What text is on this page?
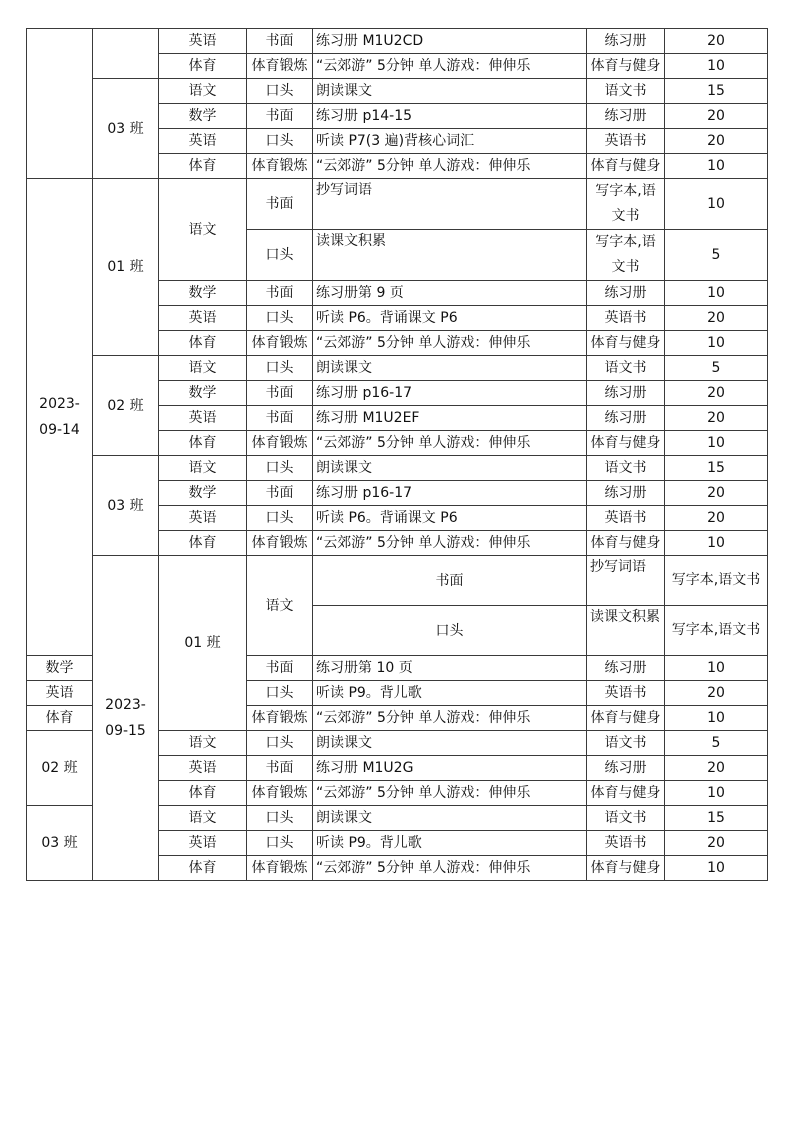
		英语	书面	练习册 M1U2CD	练习册	20	
		体育	体育锻炼	“云郊游” 5分钟 单人游戏：伸伸乐	体育与健身	10	
	03 班	语文	口头	朗读课文	语文书	15	
		数学	书面	练习册 p14-15	练习册	20	
		英语	口头	听读 P7(3 遍)背核心词汇	英语书	20	
		体育	体育锻炼	“云郊游” 5分钟 单人游戏：伸伸乐	体育与健身	10	
2023-09-14	01 班	语文	书面	抄写词语	写字本,语文书	10	
			口头	读课文积累	写字本,语文书	5	
		数学	书面	练习册第 9 页	练习册	10	
		英语	口头	听读 P6。背诵课文 P6	英语书	20	
		体育	体育锻炼	“云郊游” 5分钟 单人游戏：伸伸乐	体育与健身	10	
	02 班	语文	口头	朗读课文	语文书	5	
		数学	书面	练习册 p16-17	练习册	20	
		英语	书面	练习册 M1U2EF	练习册	20	
		体育	体育锻炼	“云郊游” 5分钟 单人游戏：伸伸乐	体育与健身	10	
	03 班	语文	口头	朗读课文	语文书	15	
		数学	书面	练习册 p16-17	练习册	20	
		英语	口头	听读 P6。背诵课文 P6	英语书	20	
		体育	体育锻炼	“云郊游” 5分钟 单人游戏：伸伸乐	体育与健身	10	
	2023-09-15	01 班	语文	书面	抄写词语	写字本,语文书	
				口头	读课文积累	写字本,语文书	
数学			书面	练习册第 10 页	练习册	10	
英语			口头	听读 P9。背儿歌	英语书	20	
体育			体育锻炼	“云郊游” 5分钟 单人游戏：伸伸乐	体育与健身	10	
02 班		语文	口头	朗读课文	语文书	5	
		英语	书面	练习册 M1U2G	练习册	20	
		体育	体育锻炼	“云郊游” 5分钟 单人游戏：伸伸乐	体育与健身	10	
03 班		语文	口头	朗读课文	语文书	15	
		英语	口头	听读 P9。背儿歌	英语书	20	
		体育	体育锻炼	“云郊游” 5分钟 单人游戏：伸伸乐	体育与健身	10	
